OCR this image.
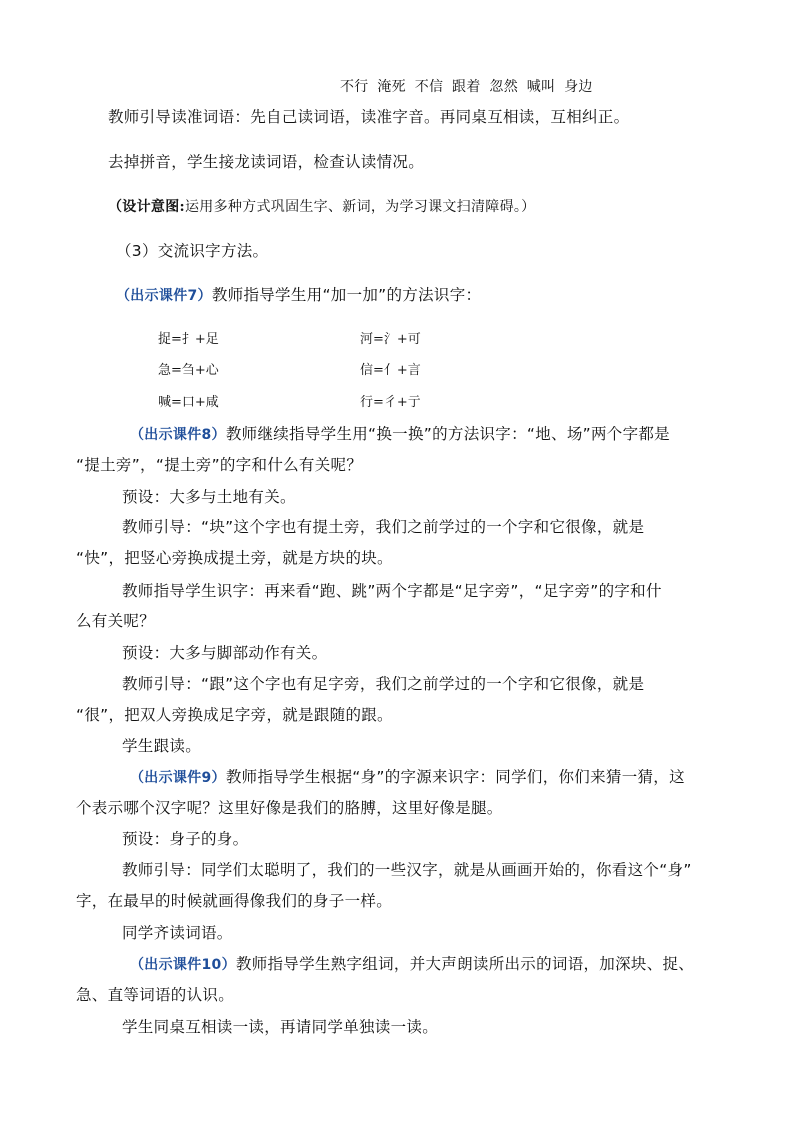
不行 淹死 不信 跟着 忽然 喊叫 身边
教师引导读准词语：先自己读词语，读准字音。再同桌互相读，互相纠正。
去掉拼音，学生接龙读词语，检查认读情况。
（设计意图:运用多种方式巩固生字、新词，为学习课文扫清障碍。）
（3）交流识字方法。
（出示课件7）教师指导学生用“加一加”的方法识字：
捉=扌+足	河=氵+可
急=刍+心	信=亻+言
喊=口+咸	行=彳+亍
（出示课件8）教师继续指导学生用“换一换”的方法识字：“地、场”两个字都是
“提土旁”，“提土旁”的字和什么有关呢？
预设：大多与土地有关。
教师引导：“块”这个字也有提土旁，我们之前学过的一个字和它很像，就是
“快”，把竖心旁换成提土旁，就是方块的块。
教师指导学生识字：再来看“跑、跳”两个字都是“足字旁”，“足字旁”的字和什
么有关呢？
预设：大多与脚部动作有关。
教师引导：“跟”这个字也有足字旁，我们之前学过的一个字和它很像，就是
“很”，把双人旁换成足字旁，就是跟随的跟。
学生跟读。
（出示课件9）教师指导学生根据“身”的字源来识字：同学们，你们来猜一猜，这
个表示哪个汉字呢？这里好像是我们的胳膊，这里好像是腿。
预设：身子的身。
教师引导：同学们太聪明了，我们的一些汉字，就是从画画开始的，你看这个“身”
字，在最早的时候就画得像我们的身子一样。
同学齐读词语。
（出示课件10）教师指导学生熟字组词，并大声朗读所出示的词语，加深块、捉、
急、直等词语的认识。
学生同桌互相读一读，再请同学单独读一读。
